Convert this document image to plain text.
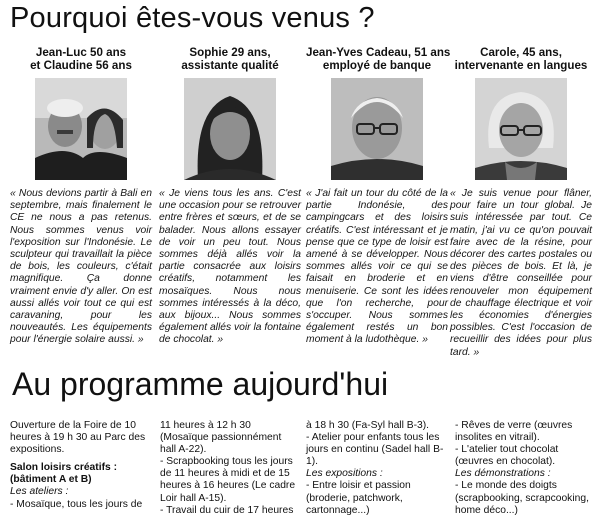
Pourquoi êtes-vous venus ?
Jean-Luc 50 ans
et Claudine 56 ans
« Nous devions partir à Bali en septembre, mais finalement le CE ne nous a pas retenus. Nous sommes venus voir l'exposition sur l'Indonésie. Le sculpteur qui travaillait la pièce de bois, les couleurs, c'était magnifique. Ça donne vraiment envie d'y aller. On est aussi allés voir tout ce qui est caravaning, pour les nouveautés. Les équipements pour l'énergie solaire aussi. »
Sophie 29 ans,
assistante qualité
« Je viens tous les ans. C'est une occasion pour se retrouver entre frères et sœurs, et de se balader. Nous allons essayer de voir un peu tout. Nous sommes déjà allés voir la partie consacrée aux loisirs créatifs, notamment les mosaïques. Nous nous sommes intéressés à la déco, aux bijoux... Nous sommes également allés voir la fontaine de chocolat. »
Jean-Yves Cadeau, 51 ans
employé de banque
« J'ai fait un tour du côté de la partie Indonésie, des campingcars et des loisirs créatifs. C'est intéressant et je pense que ce type de loisir est amené à se développer. Nous sommes allés voir ce qui se faisait en broderie et en menuiserie. Ce sont les idées que l'on recherche, pour s'occuper. Nous sommes également restés un bon moment à la ludothèque. »
Carole, 45 ans,
intervenante en langues
« Je suis venue pour flâner, pour faire un tour global. Je suis intéressée par tout. Ce matin, j'ai vu ce qu'on pouvait faire avec de la résine, pour décorer des cartes postales ou des pièces de bois. Et là, je viens d'être conseillée pour renouveler mon équipement de chauffage électrique et voir les économies d'énergies possibles. C'est l'occasion de recueillir des idées pour plus tard. »
Au programme aujourd'hui

Ouverture de la Foire de 10 heures à 19 h 30 au Parc des expositions.

Salon loisirs créatifs : (bâtiment A et B)

Les ateliers :

- Mosaïque, tous les jours de

11 heures à 12 h 30 (Mosaïque passionnément hall A-22).

- Scrapbooking tous les jours de 11 heures à midi et de 15 heures à 16 heures (Le cadre Loir hall A-15).

- Travail du cuir de 17 heures

à 18 h 30 (Fa-Syl hall B-3).

- Atelier pour enfants tous les jours en continu (Sadel hall B-1).

Les expositions :

- Entre loisir et passion (broderie, patchwork, cartonnage...)

- Rêves de verre (œuvres insolites en vitrail).

- L'atelier tout chocolat (œuvres en chocolat).

Les démonstrations :

- Le monde des doigts (scrapbooking, scrapcooking, home déco...)
